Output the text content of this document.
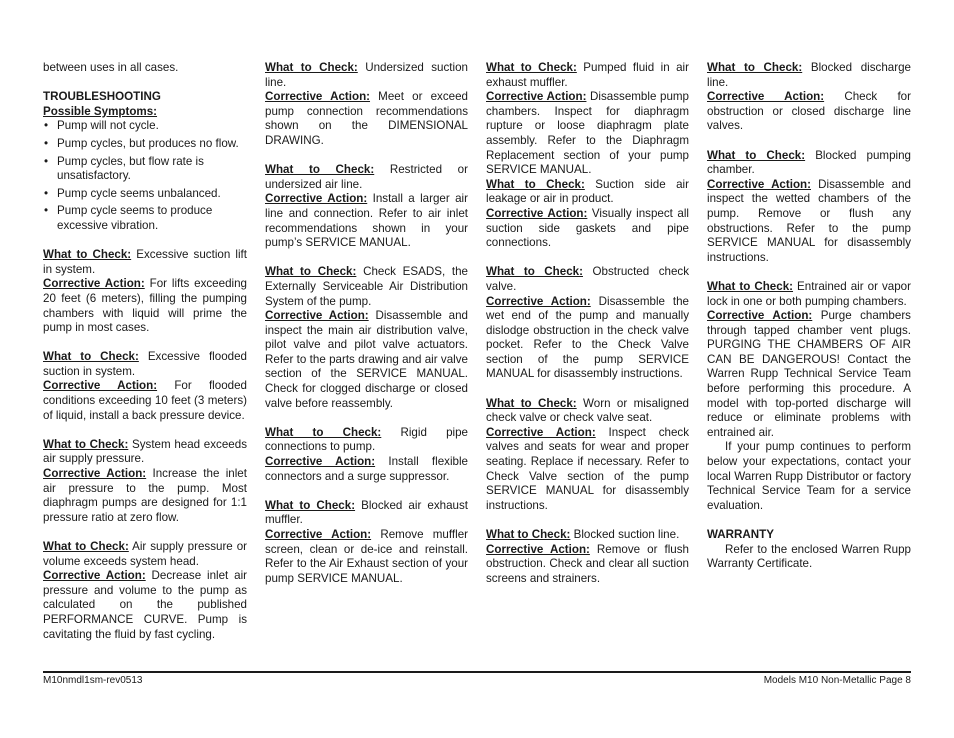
between uses in all cases.

TROUBLESHOOTING

Possible Symptoms:

• Pump will not cycle.
• Pump cycles, but produces no flow.
• Pump cycles, but flow rate is unsatisfactory.
• Pump cycle seems unbalanced.
• Pump cycle seems to produce excessive vibration.

What to Check: Excessive suction lift in system.

Corrective Action: For lifts exceeding 20 feet (6 meters), filling the pumping chambers with liquid will prime the pump in most cases.

What to Check: Excessive flooded suction in system.

Corrective Action: For flooded conditions exceeding 10 feet (3 meters) of liquid, install a back pressure device.

What to Check: System head exceeds air supply pressure.

Corrective Action: Increase the inlet air pressure to the pump. Most diaphragm pumps are designed for 1:1 pressure ratio at zero flow.

What to Check: Air supply pressure or volume exceeds system head.

Corrective Action: Decrease inlet air pressure and volume to the pump as calculated on the published PERFORMANCE CURVE. Pump is cavitating the fluid by fast cycling.

What to Check: Undersized suction line.

Corrective Action: Meet or exceed pump connection recommendations shown on the DIMENSIONAL DRAWING.

What to Check: Restricted or undersized air line.

Corrective Action: Install a larger air line and connection. Refer to air inlet recommendations shown in your pump’s SERVICE MANUAL.

What to Check: Check ESADS, the Externally Serviceable Air Distribution System of the pump.

Corrective Action: Disassemble and inspect the main air distribution valve, pilot valve and pilot valve actuators. Refer to the parts drawing and air valve section of the SERVICE MANUAL. Check for clogged discharge or closed valve before reassembly.

What to Check: Rigid pipe connections to pump.

Corrective Action: Install flexible connectors and a surge suppressor.

What to Check: Blocked air exhaust muffler.

Corrective Action: Remove muffler screen, clean or de-ice and reinstall. Refer to the Air Exhaust section of your pump SERVICE MANUAL.

What to Check: Pumped fluid in air exhaust muffler.

Corrective Action: Disassemble pump chambers. Inspect for diaphragm rupture or loose diaphragm plate assembly. Refer to the Diaphragm Replacement section of your pump SERVICE MANUAL.

What to Check: Suction side air leakage or air in product.

Corrective Action: Visually inspect all suction side gaskets and pipe connections.

What to Check: Obstructed check valve.

Corrective Action: Disassemble the wet end of the pump and manually dislodge obstruction in the check valve pocket. Refer to the Check Valve section of the pump SERVICE MANUAL for disassembly instructions.

What to Check: Worn or misaligned check valve or check valve seat.

Corrective Action: Inspect check valves and seats for wear and proper seating. Replace if necessary. Refer to Check Valve section of the pump SERVICE MANUAL for disassembly instructions.

What to Check: Blocked suction line.

Corrective Action: Remove or flush obstruction. Check and clear all suction screens and strainers.

What to Check: Blocked discharge line.

Corrective Action: Check for obstruction or closed discharge line valves.

What to Check: Blocked pumping chamber.

Corrective Action: Disassemble and inspect the wetted chambers of the pump. Remove or flush any obstructions. Refer to the pump SERVICE MANUAL for disassembly instructions.

What to Check: Entrained air or vapor lock in one or both pumping chambers.

Corrective Action: Purge chambers through tapped chamber vent plugs. PURGING THE CHAMBERS OF AIR CAN BE DANGEROUS! Contact the Warren Rupp Technical Service Team before performing this procedure. A model with top-ported discharge will reduce or eliminate problems with entrained air.

If your pump continues to perform below your expectations, contact your local Warren Rupp Distributor or factory Technical Service Team for a service evaluation.

WARRANTY

Refer to the enclosed Warren Rupp Warranty Certificate.

M10nmdl1sm-rev0513	Models M10 Non-Metallic Page 8
